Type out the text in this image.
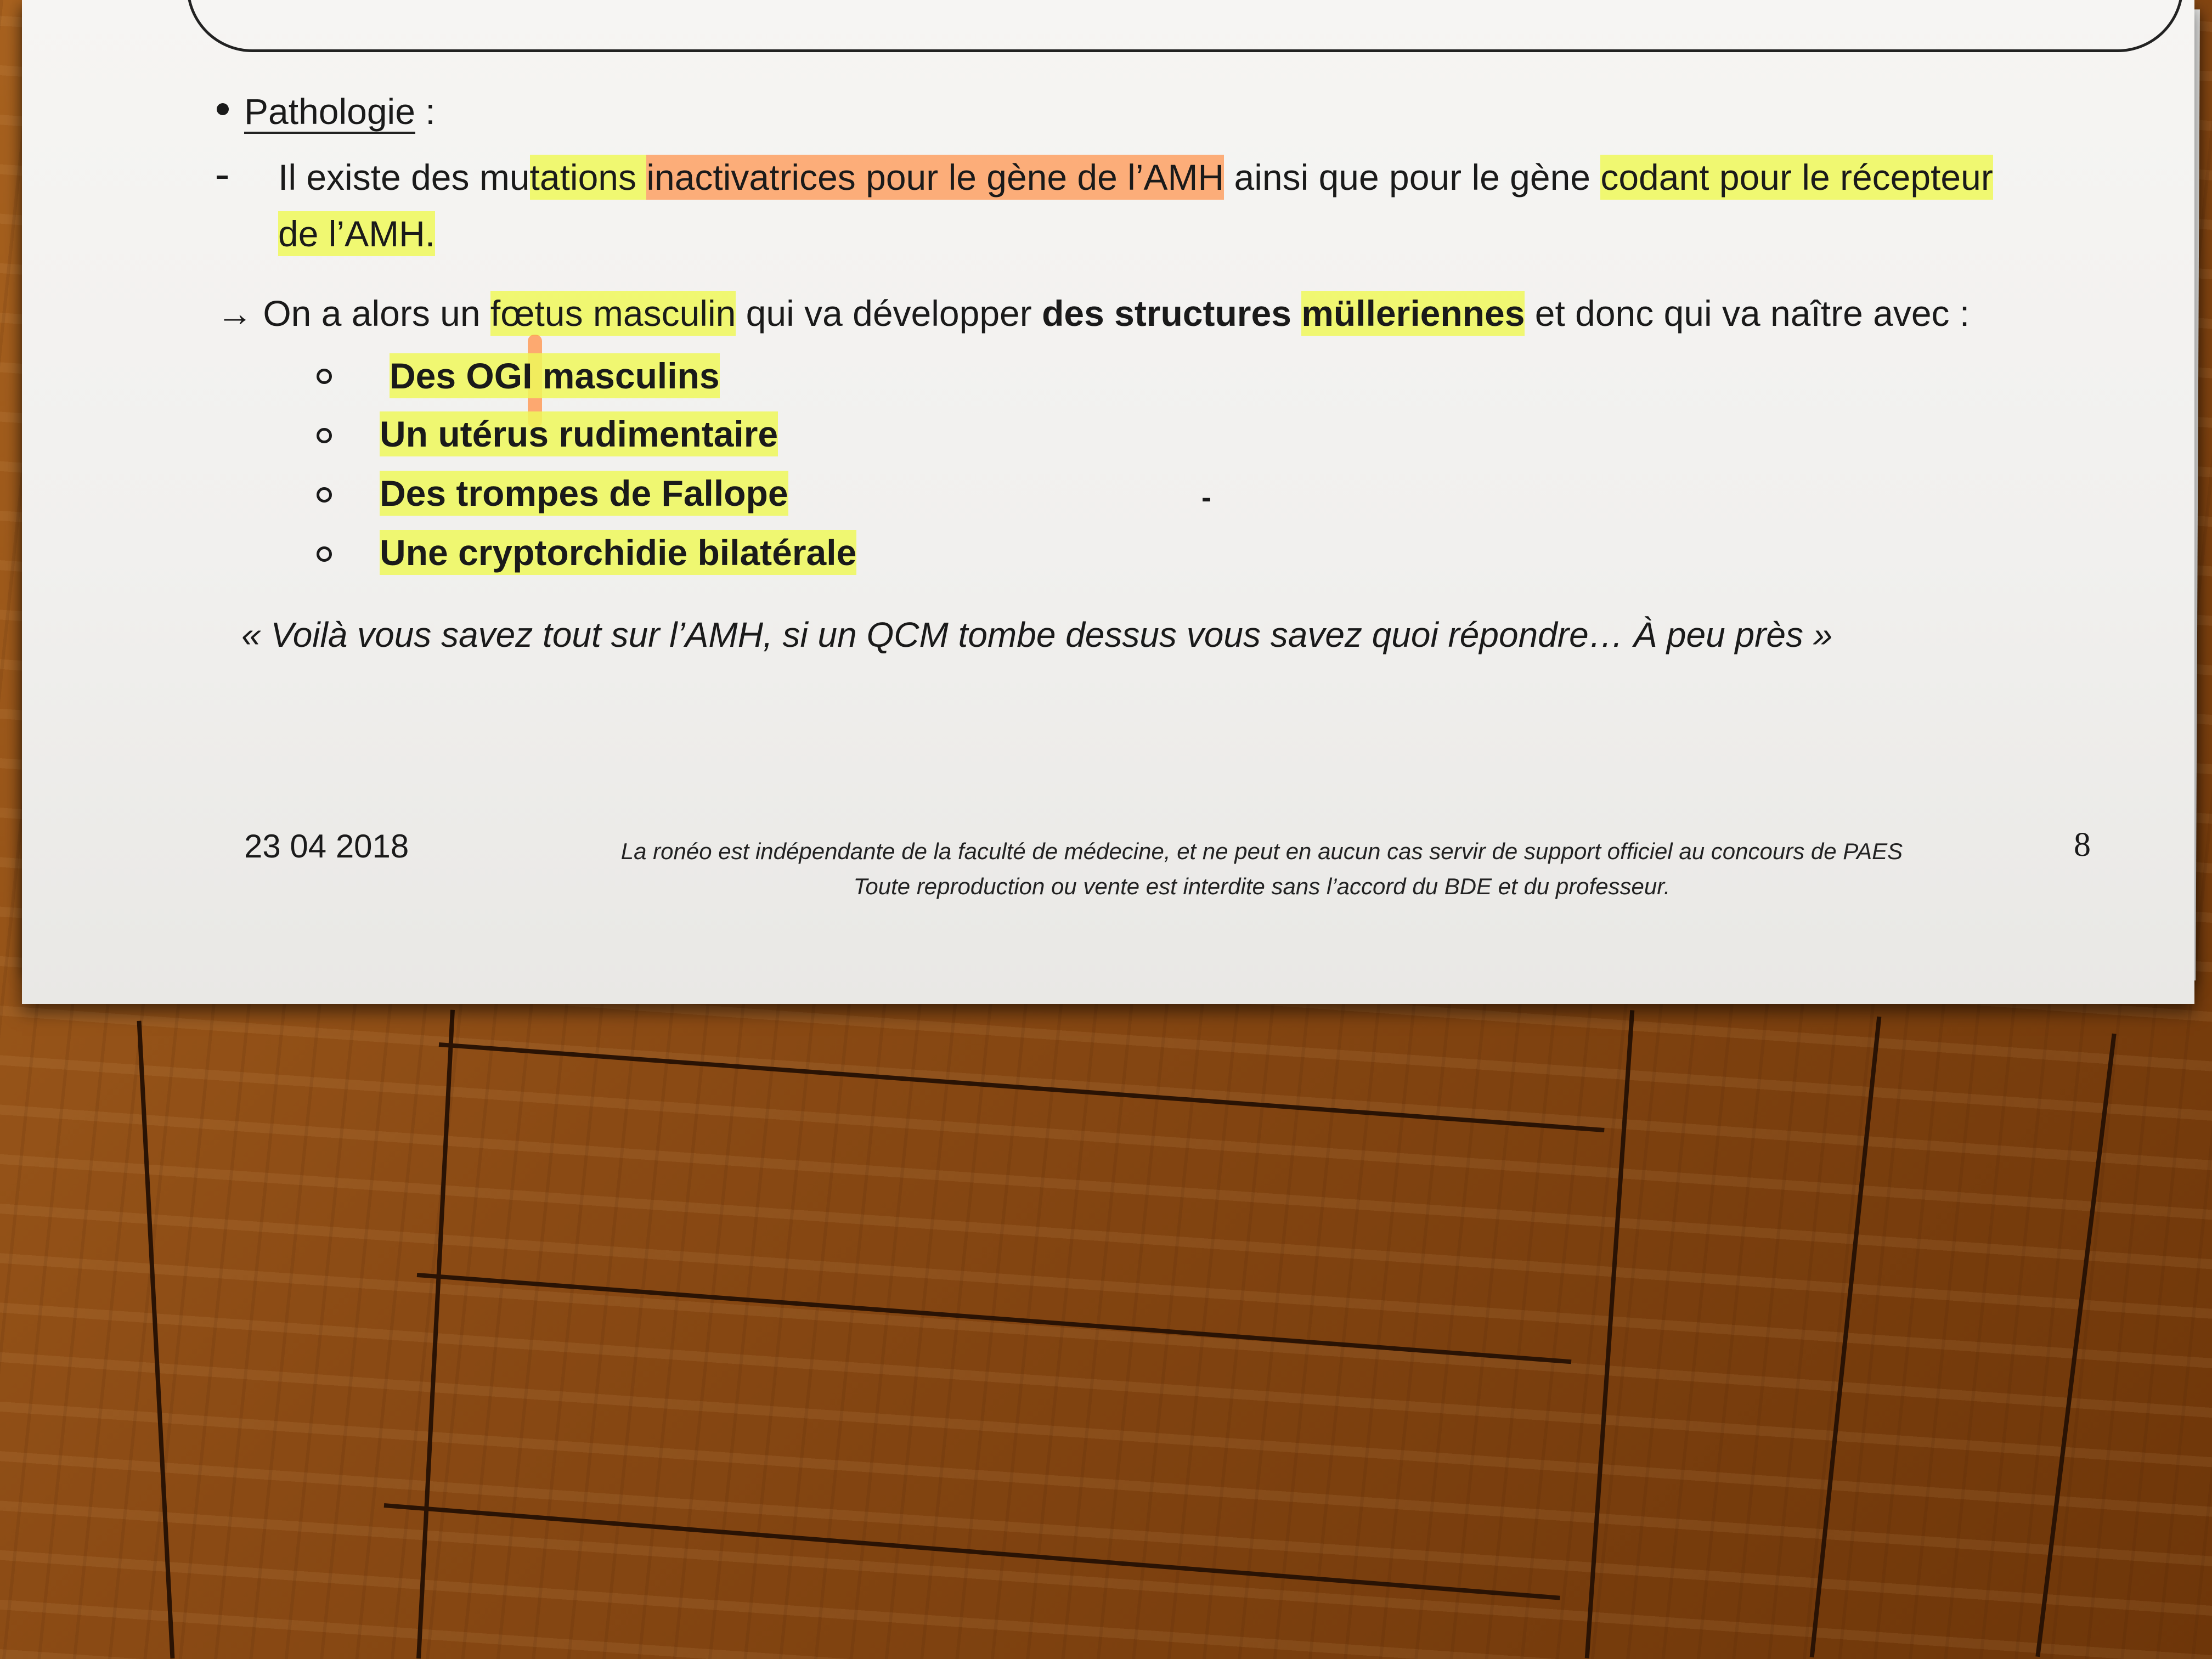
Pathologie :
Il existe des mutations inactivatrices pour le gène de l’AMH ainsi que pour le gène codant pour le récepteur
de l’AMH.
→ On a alors un fœtus masculin qui va développer des structures mülleriennes et donc qui va naître avec :
Des OGI masculins
Un utérus rudimentaire
Des trompes de Fallope	-
Une cryptorchidie bilatérale
« Voilà vous savez tout sur l’AMH, si un QCM tombe dessus vous savez quoi répondre… À peu près »
23 04 2018	La ronéo est indépendante de la faculté de médecine, et ne peut en aucun cas servir de support officiel au concours de PAES
Toute reproduction ou vente est interdite sans l’accord du BDE et du professeur.
8
